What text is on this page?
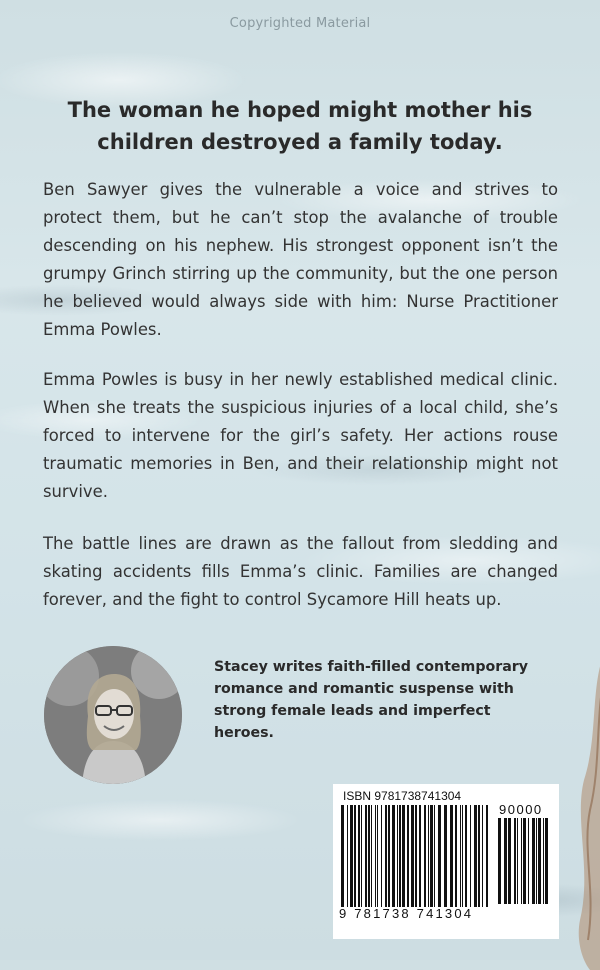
Copyrighted Material
The woman he hoped might mother his children destroyed a family today.
Ben Sawyer gives the vulnerable a voice and strives to protect them, but he can’t stop the avalanche of trouble descending on his nephew. His strongest opponent isn’t the grumpy Grinch stirring up the community, but the one person he believed would always side with him: Nurse Practitioner Emma Powles.
Emma Powles is busy in her newly established medical clinic. When she treats the suspicious injuries of a local child, she’s forced to intervene for the girl’s safety. Her actions rouse traumatic memories in Ben, and their relationship might not survive.
The battle lines are drawn as the fallout from sledding and skating accidents fills Emma’s clinic. Families are changed forever, and the fight to control Sycamore Hill heats up.
Stacey writes faith-filled contemporary romance and romantic suspense with strong female leads and imperfect heroes.
ISBN 9781738741304
9 781738 741304
90000
